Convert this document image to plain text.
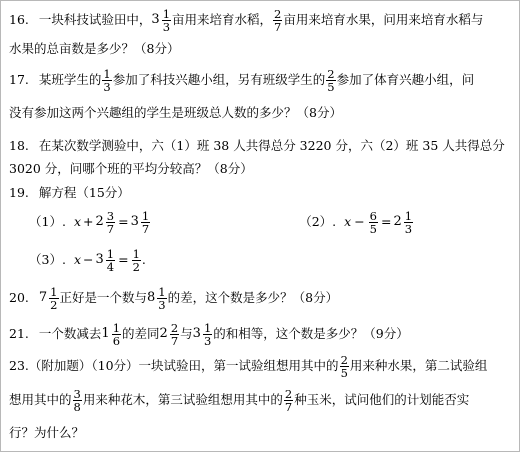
16. 一块科技试验田中， $3 \frac{1}{3}$ 亩用来培育水稻， $\frac{2}{7}$ 亩用来培育水果，问用来培育水稻与
水果的总亩数是多少？（8分）
17. 某班学生的 $\frac{1}{3}$ 参加了科技兴趣小组，另有班级学生的 $\frac{2}{5}$ 参加了体育兴趣小组，问
没有参加这两个兴趣组的学生是班级总人数的多少？（8分）
18. 在某次数学测验中，六（1）班 38 人共得总分 3220 分，六（2）班 35 人共得总分
3020 分，问哪个班的平均分较高？（8分）
19. 解方程（15分）
（1）. $x + 2 \frac{3}{7} = 3 \frac{1}{7}$	（2）. $x - \frac{6}{5} = 2 \frac{1}{3}$
（3）. $x - 3 \frac{1}{4} = \frac{1}{2}$ .
20. $7 \frac{1}{2}$ 正好是一个数与 $8 \frac{1}{3}$ 的差，这个数是多少？（8分）
21. 一个数减去 $1 \frac{1}{6}$ 的差同 $2 \frac{2}{7}$ 与 $3 \frac{1}{3}$ 的和相等，这个数是多少？（9分）
23. （附加题）（10分）一块试验田，第一试验组想用其中的 $\frac{2}{5}$ 用来种水果，第二试验组
想用其中的 $\frac{3}{8}$ 用来种花木，第三试验组想用其中的 $\frac{2}{7}$ 种玉米，试问他们的计划能否实
行？为什么？
